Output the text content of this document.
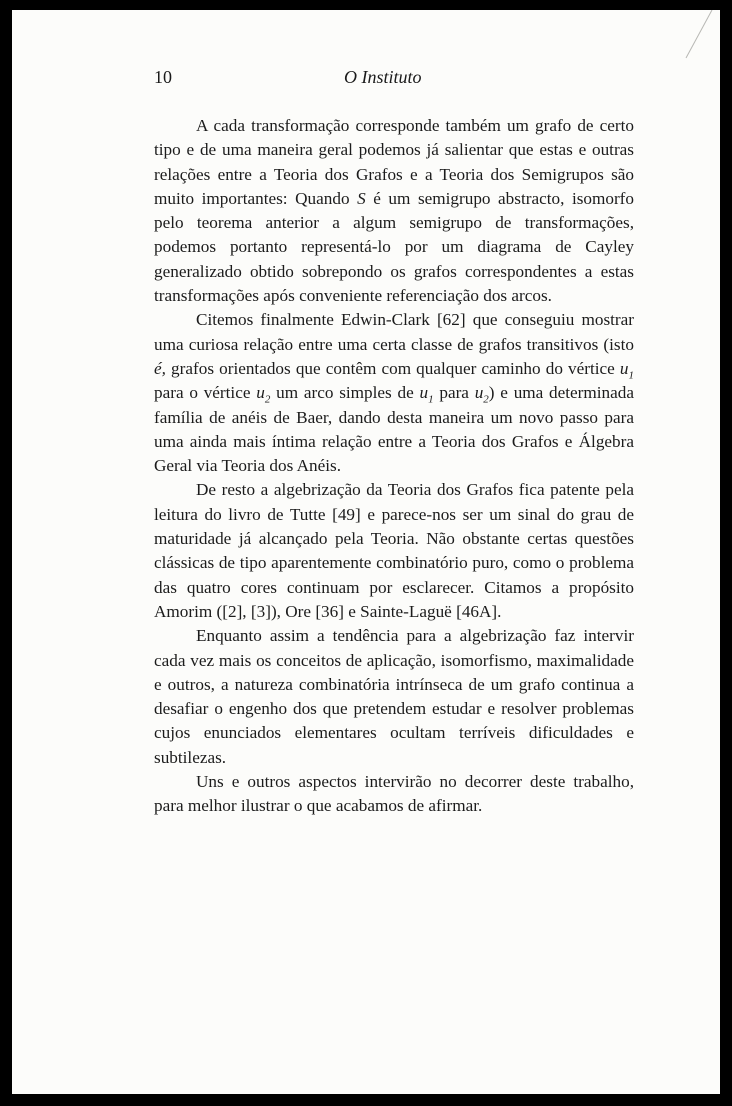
10	O Instituto

A cada transformação corresponde também um grafo de certo tipo e de uma maneira geral podemos já salientar que estas e outras relações entre a Teoria dos Grafos e a Teoria dos Semigrupos são muito importantes: Quando S é um semigrupo abstracto, isomorfo pelo teorema anterior a algum semigrupo de transformações, podemos portanto representá-lo por um diagrama de Cayley generalizado obtido sobrepondo os grafos correspondentes a estas transformações após conveniente referenciação dos arcos.

Citemos finalmente Edwin-Clark [62] que conseguiu mostrar uma curiosa relação entre uma certa classe de grafos transitivos (isto é, grafos orientados que contêm com qualquer caminho do vértice $u_1$ para o vértice $u_2$ um arco simples de $u_1$ para $u_2$) e uma determinada família de anéis de Baer, dando desta maneira um novo passo para uma ainda mais íntima relação entre a Teoria dos Grafos e Álgebra Geral via Teoria dos Anéis.

De resto a algebrização da Teoria dos Grafos fica patente pela leitura do livro de Tutte [49] e parece-nos ser um sinal do grau de maturidade já alcançado pela Teoria. Não obstante certas questões clássicas de tipo aparentemente combinatório puro, como o problema das quatro cores continuam por esclarecer. Citamos a propósito Amorim ([2], [3]), Ore [36] e Sainte-Laguë [46A].

Enquanto assim a tendência para a algebrização faz intervir cada vez mais os conceitos de aplicação, isomorfismo, maximalidade e outros, a natureza combinatória intrínseca de um grafo continua a desafiar o engenho dos que pretendem estudar e resolver problemas cujos enunciados elementares ocultam terríveis dificuldades e subtilezas.

Uns e outros aspectos intervirão no decorrer deste trabalho, para melhor ilustrar o que acabamos de afirmar.
